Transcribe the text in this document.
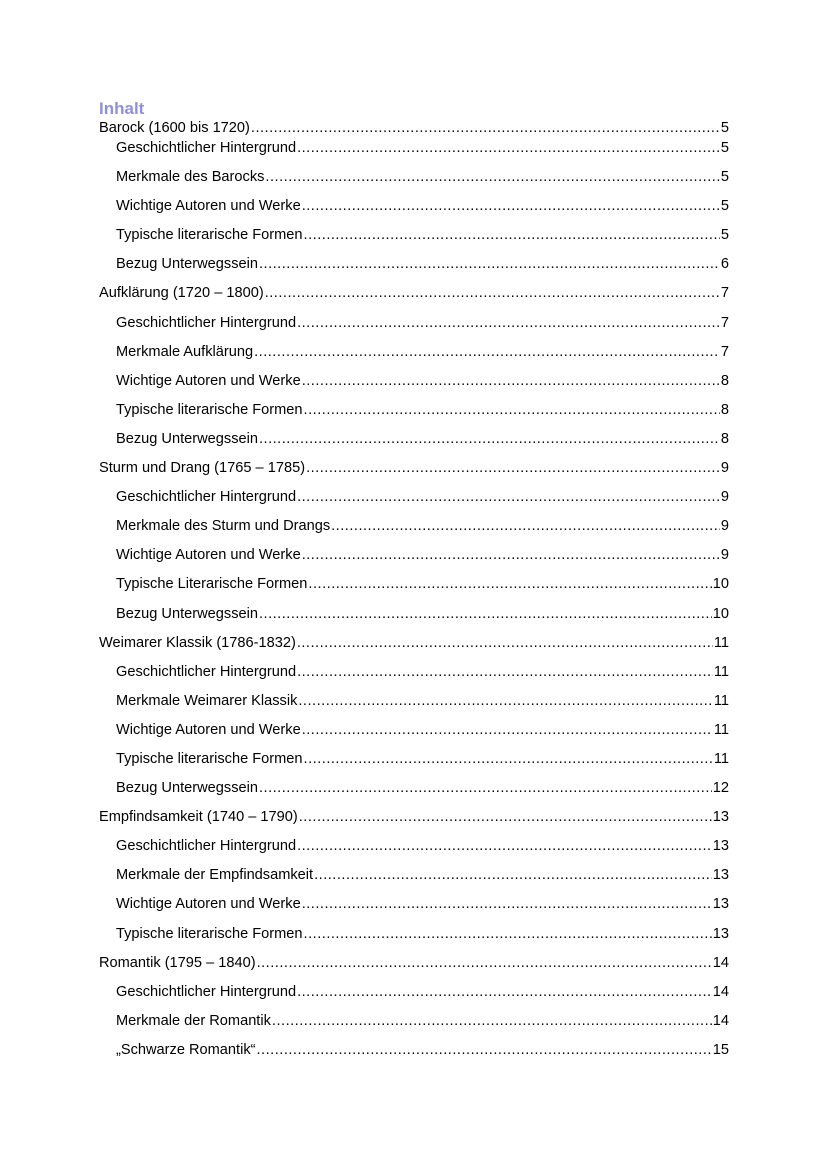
Inhalt
Barock (1600 bis 1720) .....	5
Geschichtlicher Hintergrund .....	5
Merkmale des Barocks .....	5
Wichtige Autoren und Werke .....	5
Typische literarische Formen .....	5
Bezug Unterwegssein .....	6
Aufklärung (1720 – 1800) .....	7
Geschichtlicher Hintergrund .....	7
Merkmale Aufklärung .....	7
Wichtige Autoren und Werke .....	8
Typische literarische Formen .....	8
Bezug Unterwegssein .....	8
Sturm und Drang (1765 – 1785) .....	9
Geschichtlicher Hintergrund .....	9
Merkmale des Sturm und Drangs .....	9
Wichtige Autoren und Werke .....	9
Typische Literarische Formen .....	10
Bezug Unterwegssein .....	10
Weimarer Klassik (1786-1832) .....	11
Geschichtlicher Hintergrund .....	11
Merkmale Weimarer Klassik .....	11
Wichtige Autoren und Werke .....	11
Typische literarische Formen .....	11
Bezug Unterwegssein .....	12
Empfindsamkeit (1740 – 1790) .....	13
Geschichtlicher Hintergrund .....	13
Merkmale der Empfindsamkeit .....	13
Wichtige Autoren und Werke .....	13
Typische literarische Formen .....	13
Romantik (1795 – 1840) .....	14
Geschichtlicher Hintergrund .....	14
Merkmale der Romantik .....	14
„Schwarze Romantik“ .....	15
